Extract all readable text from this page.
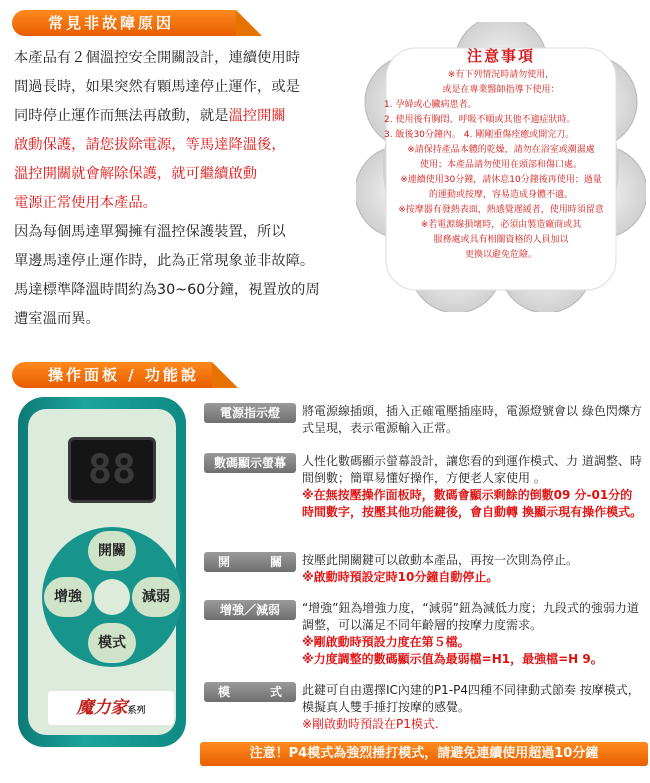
常見非故障原因

本產品有２個溫控安全開關設計，連續使用時

間過長時，如果突然有顆馬達停止運作，或是

同時停止運作而無法再啟動，就是溫控開關

啟動保護，請您拔除電源，等馬達降溫後，

溫控開關就會解除保護，就可繼續啟動

電源正常使用本產品。

因為每個馬達單獨擁有溫控保護裝置，所以

單邊馬達停止運作時，此為正常現象並非故障。

馬達標準降溫時間約為30~60分鐘，視置放的周

遭室溫而異。

注意事項
※有下列情況時請勿使用，
或是在專業醫師指導下使用：
1. 孕婦或心臟病患者。
2. 使用後有胸悶、呼吸不順或其他不適症狀時。
3. 飯後30分鐘內。 4. 剛剛重傷痊癒或開完刀。
※請保持產品本體的乾燥，請勿在浴室或潮濕處
使用；本產品請勿使用在頭部和傷口處。
※連續使用30分鐘，請休息10分鐘後再使用；過量
的運動或按摩，容易造成身體不適。
※按摩器有發熱表面，熱感覺遲緩者，使用時須留意
※若電源線損壞時，必須由製造廠商或其
服務處或具有相關資格的人員加以
更換以避免危險。
操作面板 / 功能說
88
開關
增強	減弱
模式
魔力家系列
電源指示燈	將電源線插頭，插入正確電壓插座時，電源燈號會以 綠色閃爍方式呈現，表示電源輸入正常。

數碼顯示螢幕	人性化數碼顯示螢幕設計，讓您看的到運作模式、力 道調整、時間倒數；簡單易懂好操作，方便老人家使用 。

※在無按壓操作面板時，數碼會顯示剩餘的倒數09 分-01分的時間數字，按壓其他功能鍵後，會自動轉 換顯示現有操作模式。

開　關 按壓此開關鍵可以啟動本產品，再按一次則為停止。

※啟動時預設定時10分鐘自動停止。

增強／減弱	“增強”鈕為增強力度，“減弱”鈕為減低力度；九段式的強弱力道調整，可以滿足不同年齡層的按摩力度需求。

※剛啟動時預設力度在第５檔。

※力度調整的數碼顯示值為最弱檔=H1，最強檔=H 9。

模　式 此鍵可自由選擇IC內建的P1-P4四種不同律動式節奏 按摩模式，模擬真人雙手捶打按摩的感覺。

※剛啟動時預設在P1模式.

注意！P4模式為強烈捶打模式，請避免連續使用超過10分鐘
